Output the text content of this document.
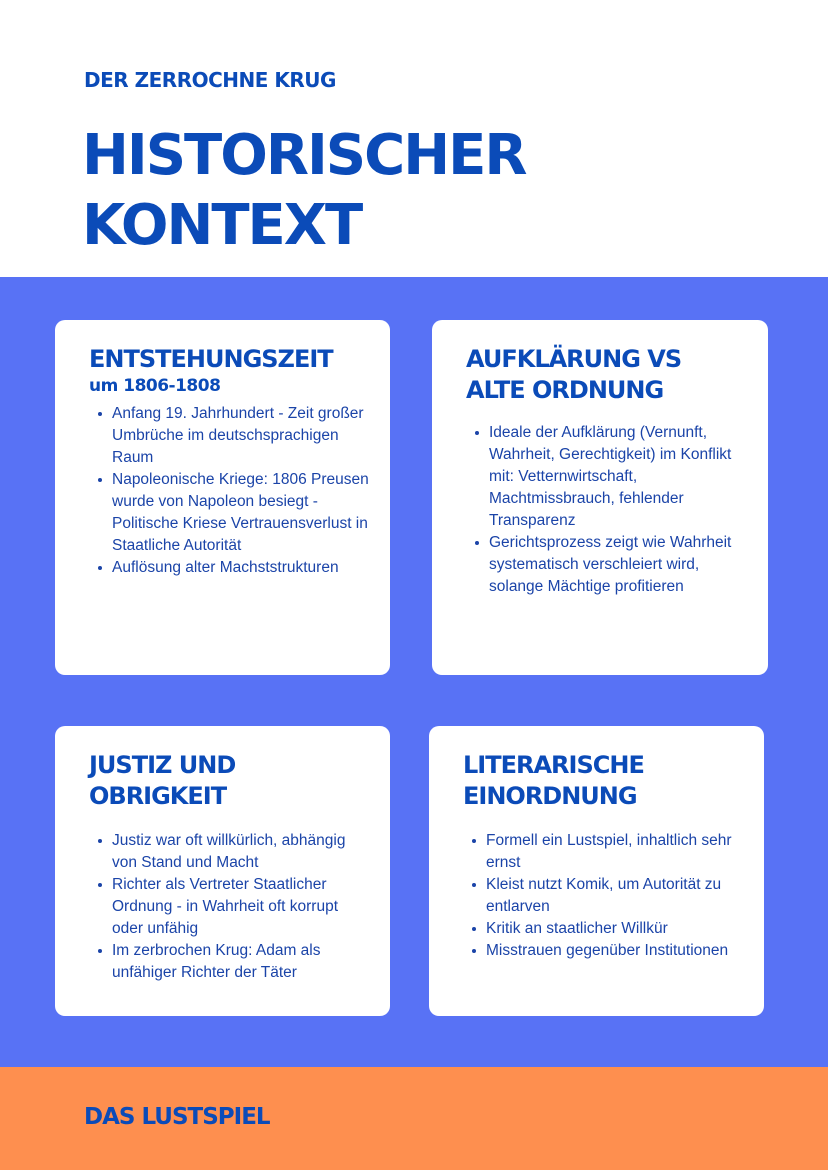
DER ZERROCHNE KRUG
HISTORISCHER
KONTEXT
ENTSTEHUNGSZEIT
um 1806-1808
Anfang 19. Jahrhundert - Zeit großer Umbrüche im deutschsprachigen Raum
Napoleonische Kriege: 1806 Preusen wurde von Napoleon besiegt - Politische Kriese Vertrauensverlust in Staatliche Autorität
Auflösung alter Machststrukturen
AUFKLÄRUNG VS
ALTE ORDNUNG
Ideale der Aufklärung (Vernunft, Wahrheit, Gerechtigkeit) im Konflikt mit: Vetternwirtschaft, Machtmissbrauch, fehlender Transparenz
Gerichtsprozess zeigt wie Wahrheit systematisch verschleiert wird, solange Mächtige profitieren
JUSTIZ UND
OBRIGKEIT
Justiz war oft willkürlich, abhängig von Stand und Macht
Richter als Vertreter Staatlicher Ordnung - in Wahrheit oft korrupt oder unfähig
Im zerbrochen Krug: Adam als unfähiger Richter der Täter
LITERARISCHE
EINORDNUNG
Formell ein Lustspiel, inhaltlich sehr ernst
Kleist nutzt Komik, um Autorität zu entlarven
Kritik an staatlicher Willkür
Misstrauen gegenüber Institutionen
DAS LUSTSPIEL
